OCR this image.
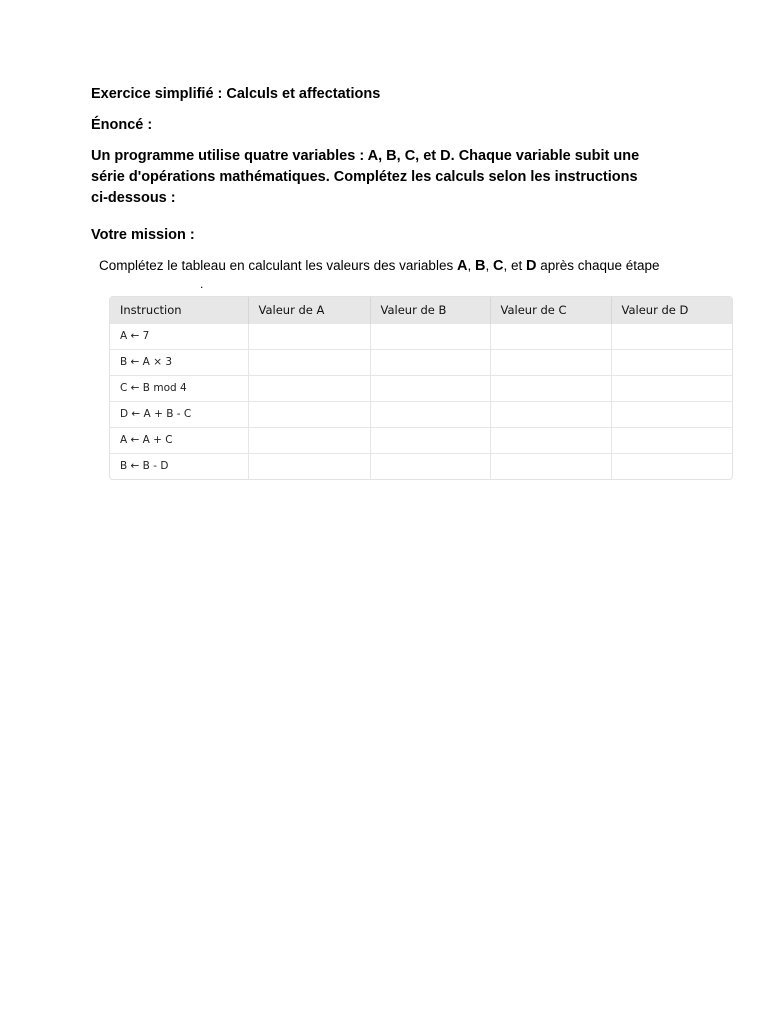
Exercice simplifié : Calculs et affectations
Énoncé :
Un programme utilise quatre variables : A, B, C, et D. Chaque variable subit une série d'opérations mathématiques. Complétez les calculs selon les instructions ci-dessous :
Votre mission :
Complétez le tableau en calculant les valeurs des variables A, B, C, et D après chaque étape
.
Instruction	Valeur de A	Valeur de B	Valeur de C	Valeur de D
A ← 7				
B ← A × 3				
C ← B mod 4				
D ← A + B - C				
A ← A + C				
B ← B - D				
